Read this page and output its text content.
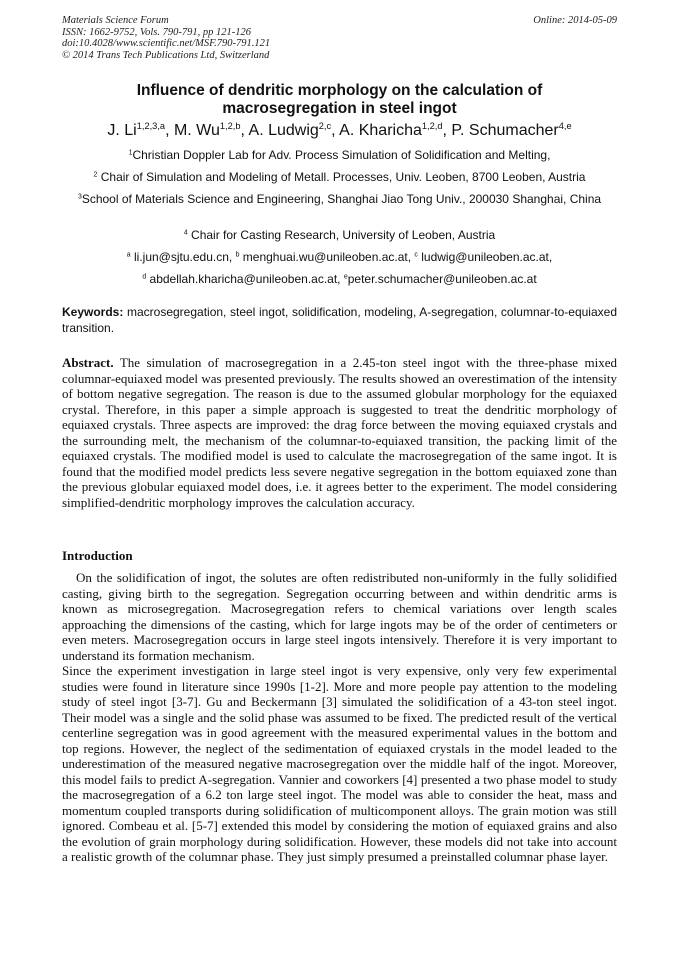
Materials Science Forum
ISSN: 1662-9752, Vols. 790-791, pp 121-126
doi:10.4028/www.scientific.net/MSF.790-791.121
© 2014 Trans Tech Publications Ltd, Switzerland
Online: 2014-05-09
Influence of dendritic morphology on the calculation of
macrosegregation in steel ingot
J. Li$^{1,2,3,a}$, M. Wu$^{1,2,b}$, A. Ludwig$^{2,c}$, A. Kharicha$^{1,2,d}$, P. Schumacher$^{4,e}$
$^1$Christian Doppler Lab for Adv. Process Simulation of Solidification and Melting,
$^2$ Chair of Simulation and Modeling of Metall. Processes, Univ. Leoben, 8700 Leoben, Austria
$^3$School of Materials Science and Engineering, Shanghai Jiao Tong Univ., 200030 Shanghai, China
$^4$ Chair for Casting Research, University of Leoben, Austria
$^a$ li.jun@sjtu.edu.cn, $^b$ menghuai.wu@unileoben.ac.at, $^c$ ludwig@unileoben.ac.at,
$^d$ abdellah.kharicha@unileoben.ac.at, $^e$peter.schumacher@unileoben.ac.at
Keywords: macrosegregation, steel ingot, solidification, modeling, A-segregation, columnar-to-equiaxed transition.
Abstract. The simulation of macrosegregation in a 2.45-ton steel ingot with the three-phase mixed columnar-equiaxed model was presented previously. The results showed an overestimation of the intensity of bottom negative segregation. The reason is due to the assumed globular morphology for the equiaxed crystal. Therefore, in this paper a simple approach is suggested to treat the dendritic morphology of equiaxed crystals. Three aspects are improved: the drag force between the moving equiaxed crystals and the surrounding melt, the mechanism of the columnar-to-equiaxed transition, the packing limit of the equiaxed crystals. The modified model is used to calculate the macrosegregation of the same ingot. It is found that the modified model predicts less severe negative segregation in the bottom equiaxed zone than the previous globular equiaxed model does, i.e. it agrees better to the experiment. The model considering simplified-dendritic morphology improves the calculation accuracy.
Introduction

On the solidification of ingot, the solutes are often redistributed non-uniformly in the fully solidified casting, giving birth to the segregation. Segregation occurring between and within dendritic arms is known as microsegregation. Macrosegregation refers to chemical variations over length scales approaching the dimensions of the casting, which for large ingots may be of the order of centimeters or even meters. Macrosegregation occurs in large steel ingots intensively. Therefore it is very important to understand its formation mechanism.

Since the experiment investigation in large steel ingot is very expensive, only very few experimental studies were found in literature since 1990s [1-2]. More and more people pay attention to the modeling study of steel ingot [3-7]. Gu and Beckermann [3] simulated the solidification of a 43-ton steel ingot. Their model was a single and the solid phase was assumed to be fixed. The predicted result of the vertical centerline segregation was in good agreement with the measured experimental values in the bottom and top regions. However, the neglect of the sedimentation of equiaxed crystals in the model leaded to the underestimation of the measured negative macrosegregation over the middle half of the ingot. Moreover, this model fails to predict A-segregation. Vannier and coworkers [4] presented a two phase model to study the macrosegregation of a 6.2 ton large steel ingot. The model was able to consider the heat, mass and momentum coupled transports during solidification of multicomponent alloys. The grain motion was still ignored. Combeau et al. [5-7] extended this model by considering the motion of equiaxed grains and also the evolution of grain morphology during solidification. However, these models did not take into account a realistic growth of the columnar phase. They just simply presumed a preinstalled columnar phase layer.
